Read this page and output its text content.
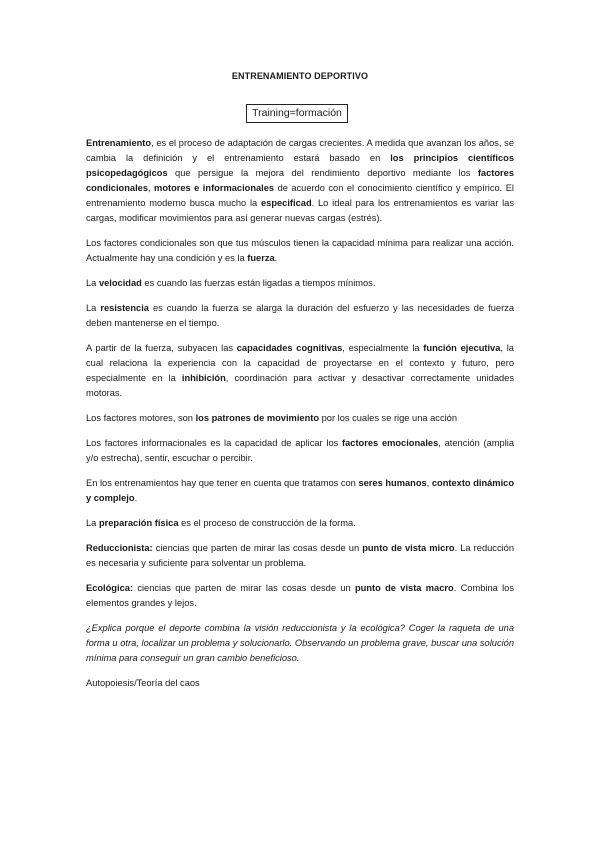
ENTRENAMIENTO DEPORTIVO
Training=formación

Entrenamiento, es el proceso de adaptación de cargas crecientes. A medida que avanzan los años, se cambia la definición y el entrenamiento estará basado en los principios científicos psicopedagógicos que persigue la mejora del rendimiento deportivo mediante los factores condicionales, motores e informacionales de acuerdo con el conocimiento científico y empírico. El entrenamiento moderno busca mucho la especificad. Lo ideal para los entrenamientos es variar las cargas, modificar movimientos para así generar nuevas cargas (estrés).

Los factores condicionales son que tus músculos tienen la capacidad mínima para realizar una acción. Actualmente hay una condición y es la fuerza.

La velocidad es cuando las fuerzas están ligadas a tiempos mínimos.

La resistencia es cuando la fuerza se alarga la duración del esfuerzo y las necesidades de fuerza deben mantenerse en el tiempo.

A partir de la fuerza, subyacen las capacidades cognitivas, especialmente la función ejecutiva, la cual relaciona la experiencia con la capacidad de proyectarse en el contexto y futuro, pero especialmente en la inhibición, coordinación para activar y desactivar correctamente unidades motoras.

Los factores motores, son los patrones de movimiento por los cuales se rige una acción

Los factores informacionales es la capacidad de aplicar los factores emocionales, atención (amplia y/o estrecha), sentir, escuchar o percibir.

En los entrenamientos hay que tener en cuenta que tratamos con seres humanos, contexto dinámico y complejo.

La preparación física es el proceso de construcción de la forma.

Reduccionista: ciencias que parten de mirar las cosas desde un punto de vista micro. La reducción es necesaria y suficiente para solventar un problema.

Ecológica: ciencias que parten de mirar las cosas desde un punto de vista macro. Combina los elementos grandes y lejos.

¿Explica porque el deporte combina la visión reduccionista y la ecológica? Coger la raqueta de una forma u otra, localizar un problema y solucionarlo. Observando un problema grave, buscar una solución mínima para conseguir un gran cambio beneficioso.

Autopoiesis/Teoría del caos
